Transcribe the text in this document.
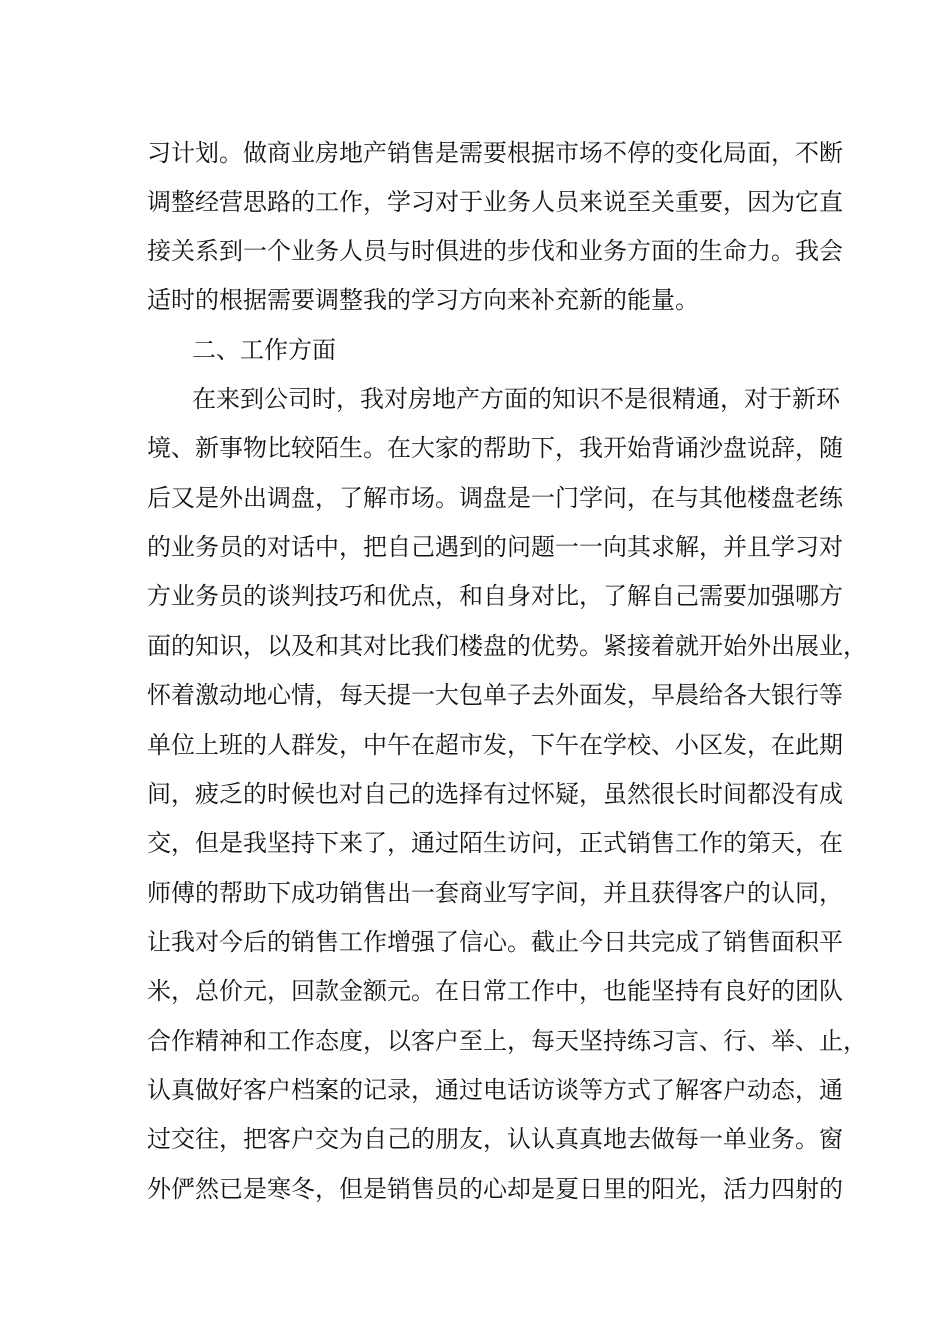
习计划。做商业房地产销售是需要根据市场不停的变化局面，不断
调整经营思路的工作，学习对于业务人员来说至关重要，因为它直
接关系到一个业务人员与时俱进的步伐和业务方面的生命力。我会
适时的根据需要调整我的学习方向来补充新的能量。
二、工作方面
在来到公司时，我对房地产方面的知识不是很精通，对于新环
境、新事物比较陌生。在大家的帮助下，我开始背诵沙盘说辞，随
后又是外出调盘，了解市场。调盘是一门学问，在与其他楼盘老练
的业务员的对话中，把自己遇到的问题一一向其求解，并且学习对
方业务员的谈判技巧和优点，和自身对比，了解自己需要加强哪方
面的知识，以及和其对比我们楼盘的优势。紧接着就开始外出展业，
怀着激动地心情，每天提一大包单子去外面发，早晨给各大银行等
单位上班的人群发，中午在超市发，下午在学校、小区发，在此期
间，疲乏的时候也对自己的选择有过怀疑，虽然很长时间都没有成
交，但是我坚持下来了，通过陌生访问，正式销售工作的第天，在
师傅的帮助下成功销售出一套商业写字间，并且获得客户的认同，
让我对今后的销售工作增强了信心。截止今日共完成了销售面积平
米，总价元，回款金额元。在日常工作中，也能坚持有良好的团队
合作精神和工作态度，以客户至上，每天坚持练习言、行、举、止，
认真做好客户档案的记录，通过电话访谈等方式了解客户动态，通
过交往，把客户交为自己的朋友，认认真真地去做每一单业务。窗
外俨然已是寒冬，但是销售员的心却是夏日里的阳光，活力四射的
